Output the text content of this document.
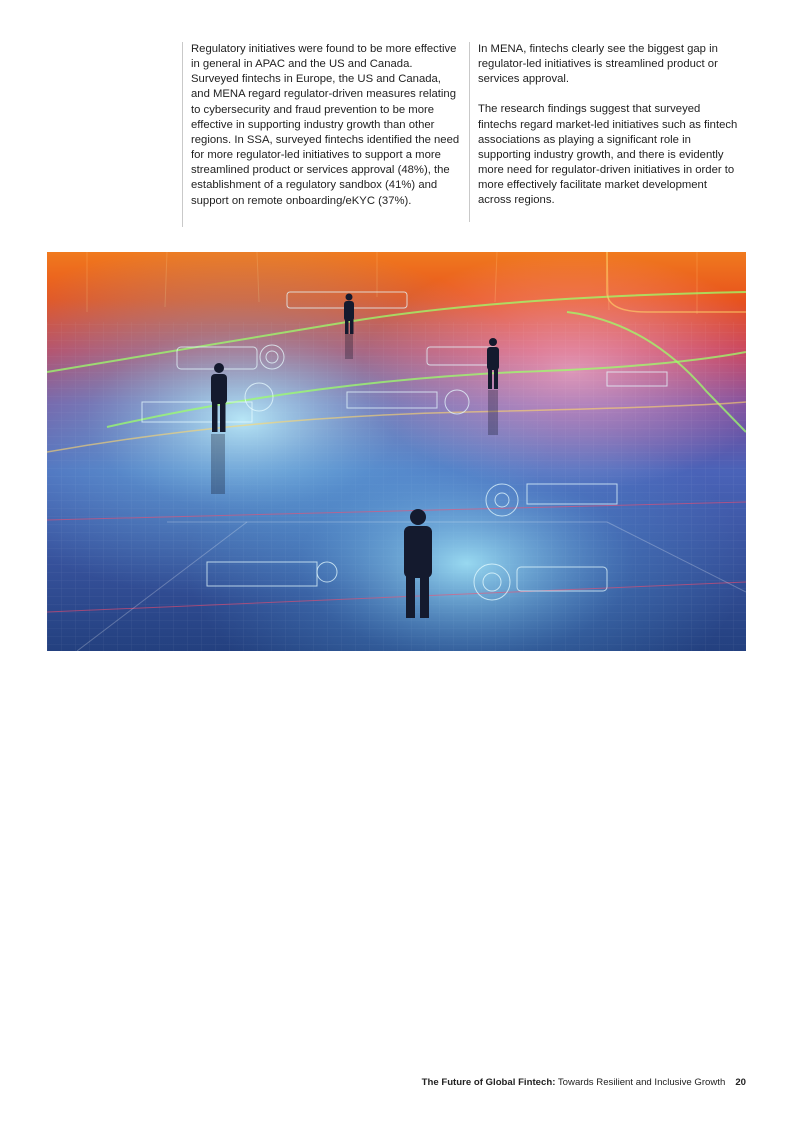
Regulatory initiatives were found to be more effective in general in APAC and the US and Canada. Surveyed fintechs in Europe, the US and Canada, and MENA regard regulator-driven measures relating to cybersecurity and fraud prevention to be more effective in supporting industry growth than other regions. In SSA, surveyed fintechs identified the need for more regulator-led initiatives to support a more streamlined product or services approval (48%), the establishment of a regulatory sandbox (41%) and support on remote onboarding/eKYC (37%).

In MENA, fintechs clearly see the biggest gap in regulator-led initiatives is streamlined product or services approval.

The research findings suggest that surveyed fintechs regard market-led initiatives such as fintech associations as playing a significant role in supporting industry growth, and there is evidently more need for regulator-driven initiatives in order to more effectively facilitate market development across regions.

The Future of Global Fintech: Towards Resilient and Inclusive Growth 20
